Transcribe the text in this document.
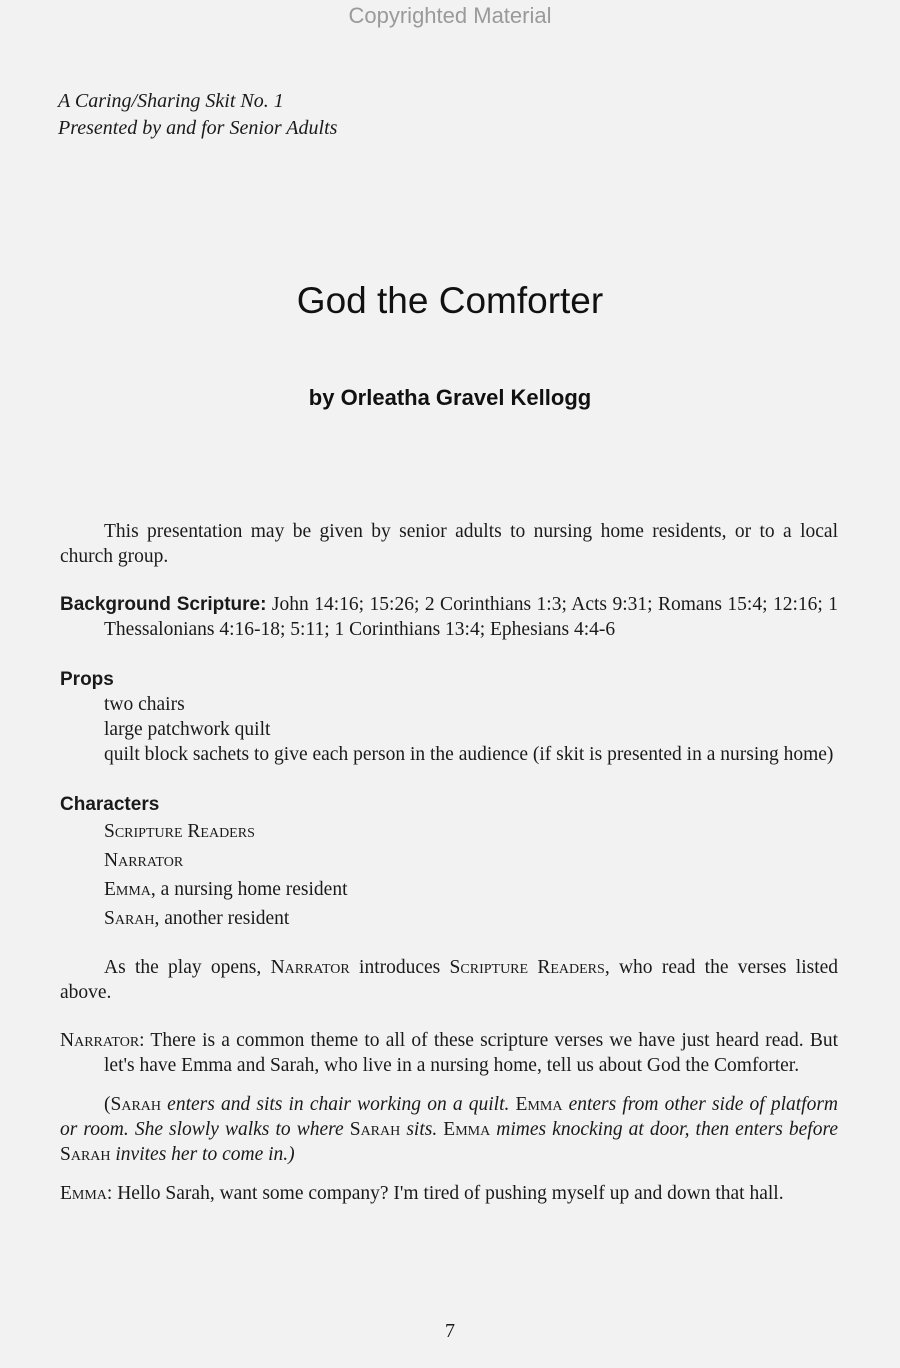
Copyrighted Material
A Caring/Sharing Skit No. 1
Presented by and for Senior Adults
God the Comforter
by Orleatha Gravel Kellogg

This presentation may be given by senior adults to nursing home residents, or to a local church group.

Background Scripture: John 14:16; 15:26; 2 Corinthians 1:3; Acts 9:31; Romans 15:4; 12:16; 1 Thessalonians 4:16-18; 5:11; 1 Corinthians 13:4; Ephesians 4:4-6

Props
two chairs
large patchwork quilt
quilt block sachets to give each person in the audience (if skit is presented in a nursing home)
Characters
Scripture Readers
Narrator
Emma, a nursing home resident
Sarah, another resident

As the play opens, Narrator introduces Scripture Readers, who read the verses listed above.

Narrator: There is a common theme to all of these scripture verses we have just heard read. But let's have Emma and Sarah, who live in a nursing home, tell us about God the Comforter.

(Sarah enters and sits in chair working on a quilt. Emma enters from other side of platform or room. She slowly walks to where Sarah sits. Emma mimes knocking at door, then enters before Sarah invites her to come in.)

Emma: Hello Sarah, want some company? I'm tired of pushing myself up and down that hall.

7
